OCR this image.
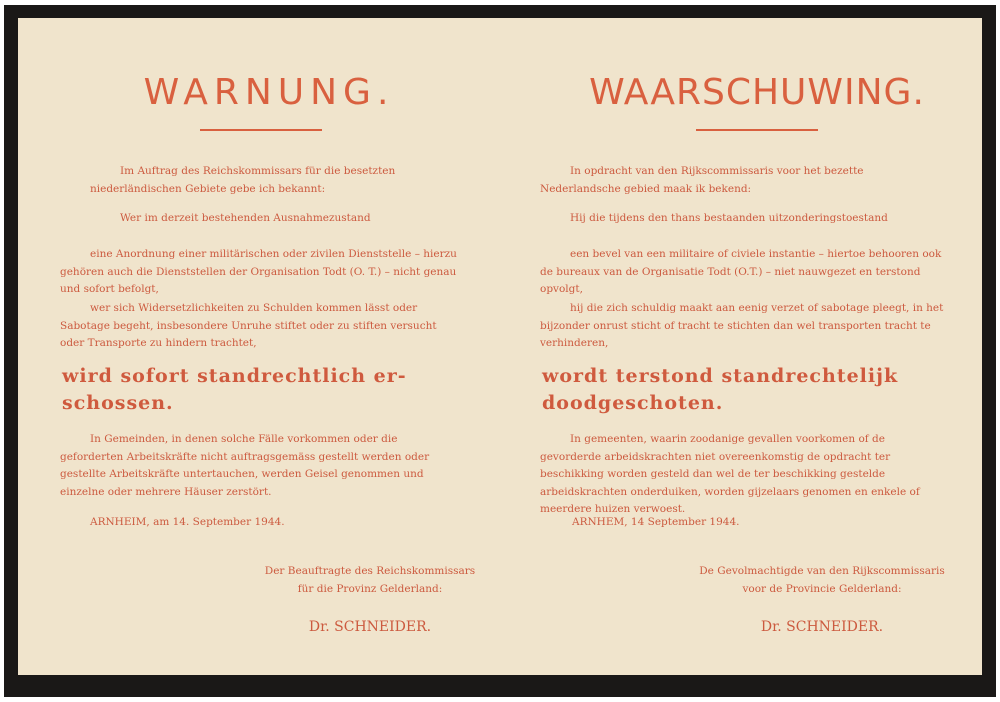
WARNUNG.
Im Auftrag des Reichskommissars für die besetzten niederländischen Gebiete gebe ich bekannt:
Wer im derzeit bestehenden Ausnahmezustand
eine Anordnung einer militärischen oder zivilen Dienststelle – hierzu gehören auch die Dienststellen der Organisation Todt (O. T.) – nicht genau und sofort befolgt,
wer sich Widersetzlichkeiten zu Schulden kommen lässt oder Sabotage begeht, insbesondere Unruhe stiftet oder zu stiften versucht oder Transporte zu hindern trachtet,
wird sofort standrechtlich er-
schossen.
In Gemeinden, in denen solche Fälle vorkommen oder die geforderten Arbeitskräfte nicht auftragsgemäss gestellt werden oder gestellte Arbeitskräfte untertauchen, werden Geisel genommen und einzelne oder mehrere Häuser zerstört.
ARNHEIM, am 14. September 1944.
Der Beauftragte des Reichskommissars
für die Provinz Gelderland:
Dr. SCHNEIDER.
WAARSCHUWING.
In opdracht van den Rijkscommissaris voor het bezette Nederlandsche gebied maak ik bekend:
Hij die tijdens den thans bestaanden uitzonderingstoestand
een bevel van een militaire of civiele instantie – hiertoe behooren ook de bureaux van de Organisatie Todt (O.T.) – niet nauwgezet en terstond opvolgt,
hij die zich schuldig maakt aan eenig verzet of sabotage pleegt, in het bijzonder onrust sticht of tracht te stichten dan wel transporten tracht te verhinderen,
wordt terstond standrechtelijk
doodgeschoten.
In gemeenten, waarin zoodanige gevallen voorkomen of de gevorderde arbeidskrachten niet overeenkomstig de opdracht ter beschikking worden gesteld dan wel de ter beschikking gestelde arbeidskrachten onderduiken, worden gijzelaars genomen en enkele of meerdere huizen verwoest.
ARNHEM, 14 September 1944.
De Gevolmachtigde van den Rijkscommissaris
voor de Provincie Gelderland:
Dr. SCHNEIDER.
